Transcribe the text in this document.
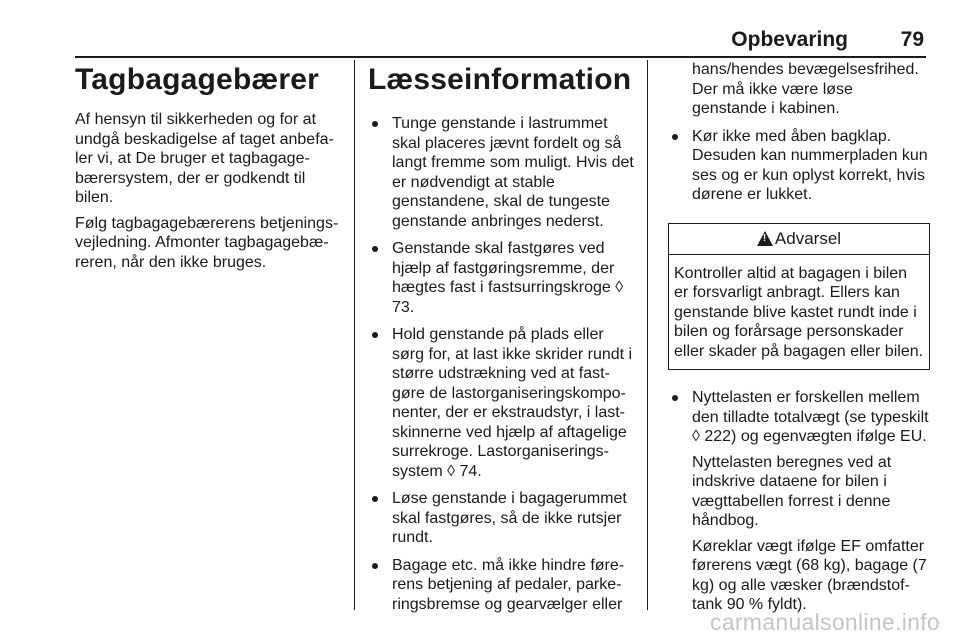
Opbevaring	79
Tagbagagebærer

Af hensyn til sikkerheden og for at undgå beskadigelse af taget anbefaler vi, at De bruger et tagbagagebærersystem, der er godkendt til bilen.

Følg tagbagagebærerens betjeningsvejledning. Afmonter tagbagagebæreren, når den ikke bruges.

Læsseinformation
Tunge genstande i lastrummet skal placeres jævnt fordelt og så langt fremme som muligt. Hvis det er nødvendigt at stable genstandene, skal de tungeste genstande anbringes nederst.
Genstande skal fastgøres ved hjælp af fastgøringsremme, der hægtes fast i fastsurringskroge ◊ 73.
Hold genstande på plads eller sørg for, at last ikke skrider rundt i større udstrækning ved at fastgøre de lastorganiseringskomponenter, der er ekstraudstyr, i lastskinnerne ved hjælp af aftagelige surrekroge. Lastorganiseringssystem ◊ 74.
Løse genstande i bagagerummet skal fastgøres, så de ikke rutsjer rundt.
Bagage etc. må ikke hindre førerens betjening af pedaler, parkeringsbremse og gearvælger eller
hans/hendes bevægelsesfrihed. Der må ikke være løse genstande i kabinen.
Kør ikke med åben bagklap. Desuden kan nummerpladen kun ses og er kun oplyst korrekt, hvis dørene er lukket.
!Advarsel
Kontroller altid at bagagen i bilen er forsvarligt anbragt. Ellers kan genstande blive kastet rundt inde i bilen og forårsage personskader eller skader på bagagen eller bilen.
Nyttelasten er forskellen mellem den tilladte totalvægt (se typeskilt ◊ 222) og egenvægten ifølge EU.
Nyttelasten beregnes ved at indskrive dataene for bilen i vægttabellen forrest i denne håndbog.
Køreklar vægt ifølge EF omfatter førerens vægt (68 kg), bagage (7 kg) og alle væsker (brændstoftank 90 % fyldt).
carmanualsonline.info
